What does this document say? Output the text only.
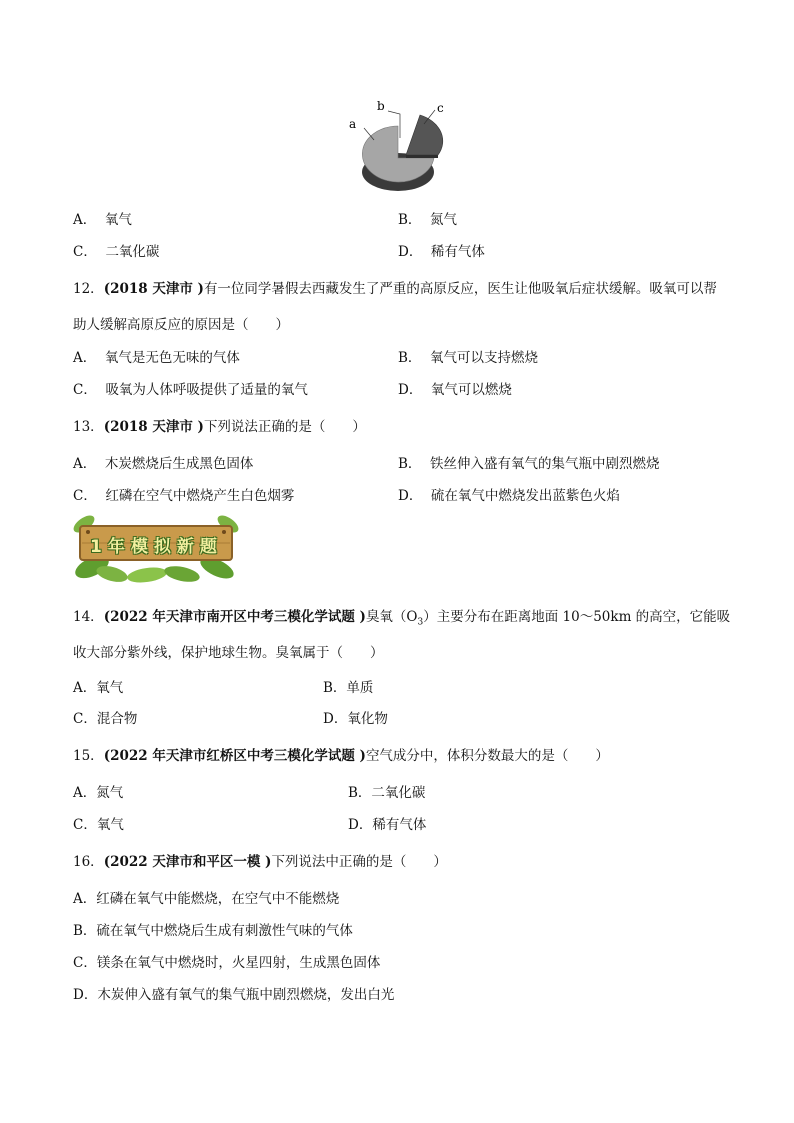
a
b	c
A． 氧气	B． 氮气
C． 二氧化碳	D． 稀有气体
12．(2018 天津市 )有一位同学暑假去西藏发生了严重的高原反应，医生让他吸氧后症状缓解。吸氧可以帮
助人缓解高原反应的原因是（　　）
A． 氧气是无色无味的气体	B． 氧气可以支持燃烧
C． 吸氧为人体呼吸提供了适量的氧气	D． 氧气可以燃烧
13．(2018 天津市 )下列说法正确的是（　　）
A． 木炭燃烧后生成黑色固体	B． 铁丝伸入盛有氧气的集气瓶中剧烈燃烧
C． 红磷在空气中燃烧产生白色烟雾	D． 硫在氧气中燃烧发出蓝紫色火焰
1年模拟新题
14．(2022 年天津市南开区中考三模化学试题 )臭氧$(O_3)$主要分布在距离地面 10～50km 的高空，它能吸
收大部分紫外线，保护地球生物。臭氧属于（　　）
A．氧气	B．单质
C．混合物	D．氧化物
15．(2022 年天津市红桥区中考三模化学试题 )空气成分中，体积分数最大的是（　　）
A．氮气	B．二氧化碳
C．氧气	D．稀有气体
16．(2022 天津市和平区一模 )下列说法中正确的是（　　）
A．红磷在氧气中能燃烧，在空气中不能燃烧
B．硫在氧气中燃烧后生成有刺激性气味的气体
C．镁条在氧气中燃烧时，火星四射，生成黑色固体
D．木炭伸入盛有氧气的集气瓶中剧烈燃烧，发出白光
